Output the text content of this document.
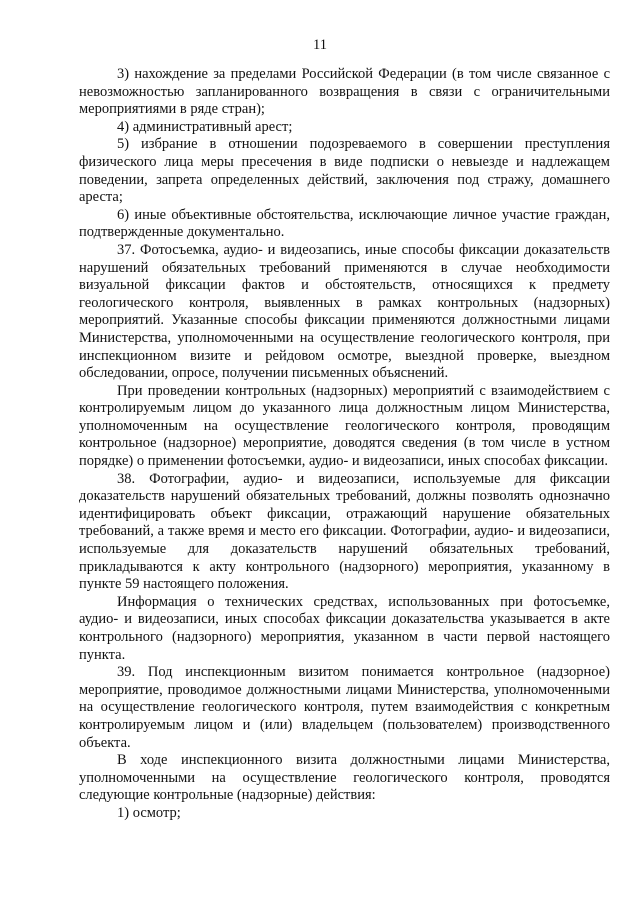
11

3) нахождение за пределами Российской Федерации (в том числе связанное с невозможностью запланированного возвращения в связи с ограничительными мероприятиями в ряде стран);

4) административный арест;

5) избрание в отношении подозреваемого в совершении преступления физического лица меры пресечения в виде подписки о невыезде и надлежащем поведении, запрета определенных действий, заключения под стражу, домашнего ареста;

6) иные объективные обстоятельства, исключающие личное участие граждан, подтвержденные документально.

37. Фотосъемка, аудио- и видеозапись, иные способы фиксации доказательств нарушений обязательных требований применяются в случае необходимости визуальной фиксации фактов и обстоятельств, относящихся к предмету геологического контроля, выявленных в рамках контрольных (надзорных) мероприятий. Указанные способы фиксации применяются должностными лицами Министерства, уполномоченными на осуществление геологического контроля, при инспекционном визите и рейдовом осмотре, выездной проверке, выездном обследовании, опросе, получении письменных объяснений.

При проведении контрольных (надзорных) мероприятий с взаимодействием с контролируемым лицом до указанного лица должностным лицом Министерства, уполномоченным на осуществление геологического контроля, проводящим контрольное (надзорное) мероприятие, доводятся сведения (в том числе в устном порядке) о применении фотосъемки, аудио- и видеозаписи, иных способах фиксации.

38. Фотографии, аудио- и видеозаписи, используемые для фиксации доказательств нарушений обязательных требований, должны позволять однозначно идентифицировать объект фиксации, отражающий нарушение обязательных требований, а также время и место его фиксации. Фотографии, аудио- и видеозаписи, используемые для доказательств нарушений обязательных требований, прикладываются к акту контрольного (надзорного) мероприятия, указанному в пункте 59 настоящего положения.

Информация о технических средствах, использованных при фотосъемке, аудио- и видеозаписи, иных способах фиксации доказательства указывается в акте контрольного (надзорного) мероприятия, указанном в части первой настоящего пункта.

39. Под инспекционным визитом понимается контрольное (надзорное) мероприятие, проводимое должностными лицами Министерства, уполномоченными на осуществление геологического контроля, путем взаимодействия с конкретным контролируемым лицом и (или) владельцем (пользователем) производственного объекта.

В ходе инспекционного визита должностными лицами Министерства, уполномоченными на осуществление геологического контроля, проводятся следующие контрольные (надзорные) действия:

1) осмотр;
